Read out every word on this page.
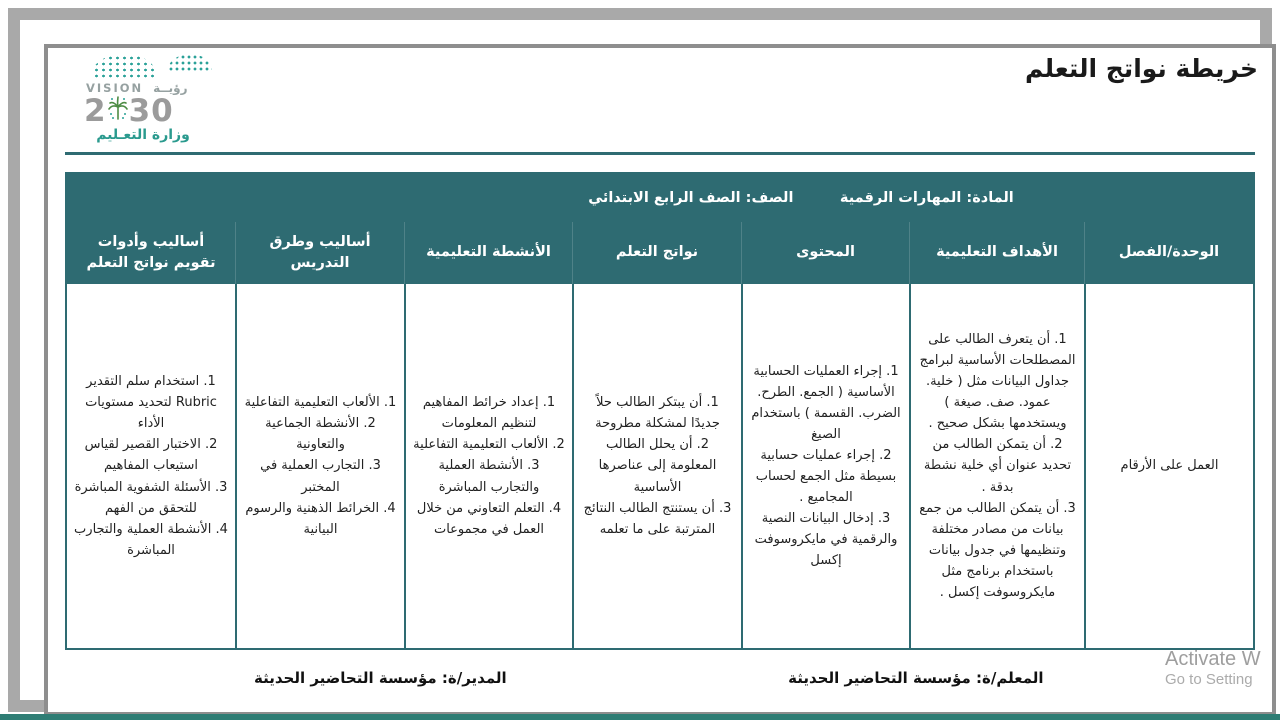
خريطة نواتج التعلم
VISION رؤيــة
2 30
وزارة التعـليم
المادة: المهارات الرقمية
الصف: الصف الرابع الابتدائي
الوحدة/الفصل
الأهداف التعليمية
المحتوى
نواتج التعلم
الأنشطة التعليمية
أساليب وطرق التدريس
أساليب وأدوات تقويم نواتج التعلم
العمل على الأرقام
1. أن يتعرف الطالب على المصطلحات الأساسية لبرامج جداول البيانات مثل ( خلية. عمود. صف. صيغة ) ويستخدمها بشكل صحيح .
2. أن يتمكن الطالب من تحديد عنوان أي خلية نشطة بدقة .
3. أن يتمكن الطالب من جمع بيانات من مصادر مختلفة وتنظيمها في جدول بيانات باستخدام برنامج مثل مايكروسوفت إكسل .
1. إجراء العمليات الحسابية الأساسية ( الجمع. الطرح. الضرب. القسمة ) باستخدام الصيغ
2. إجراء عمليات حسابية بسيطة مثل الجمع لحساب المجاميع .
3. إدخال البيانات النصية والرقمية في مايكروسوفت إكسل
1. أن يبتكر الطالب حلاً جديدًا لمشكلة مطروحة
2. أن يحلل الطالب المعلومة إلى عناصرها الأساسية
3. أن يستنتج الطالب النتائج المترتبة على ما تعلمه
1. إعداد خرائط المفاهيم لتنظيم المعلومات
2. الألعاب التعليمية التفاعلية
3. الأنشطة العملية والتجارب المباشرة
4. التعلم التعاوني من خلال العمل في مجموعات
1. الألعاب التعليمية التفاعلية
2. الأنشطة الجماعية والتعاونية
3. التجارب العملية في المختبر
4. الخرائط الذهنية والرسوم البيانية
1. استخدام سلم التقدير Rubric لتحديد مستويات الأداء
2. الاختبار القصير لقياس استيعاب المفاهيم
3. الأسئلة الشفوية المباشرة للتحقق من الفهم
4. الأنشطة العملية والتجارب المباشرة
المعلم/ة: مؤسسة التحاضير الحديثة
المدير/ة: مؤسسة التحاضير الحديثة
Activate W
Go to Setting
